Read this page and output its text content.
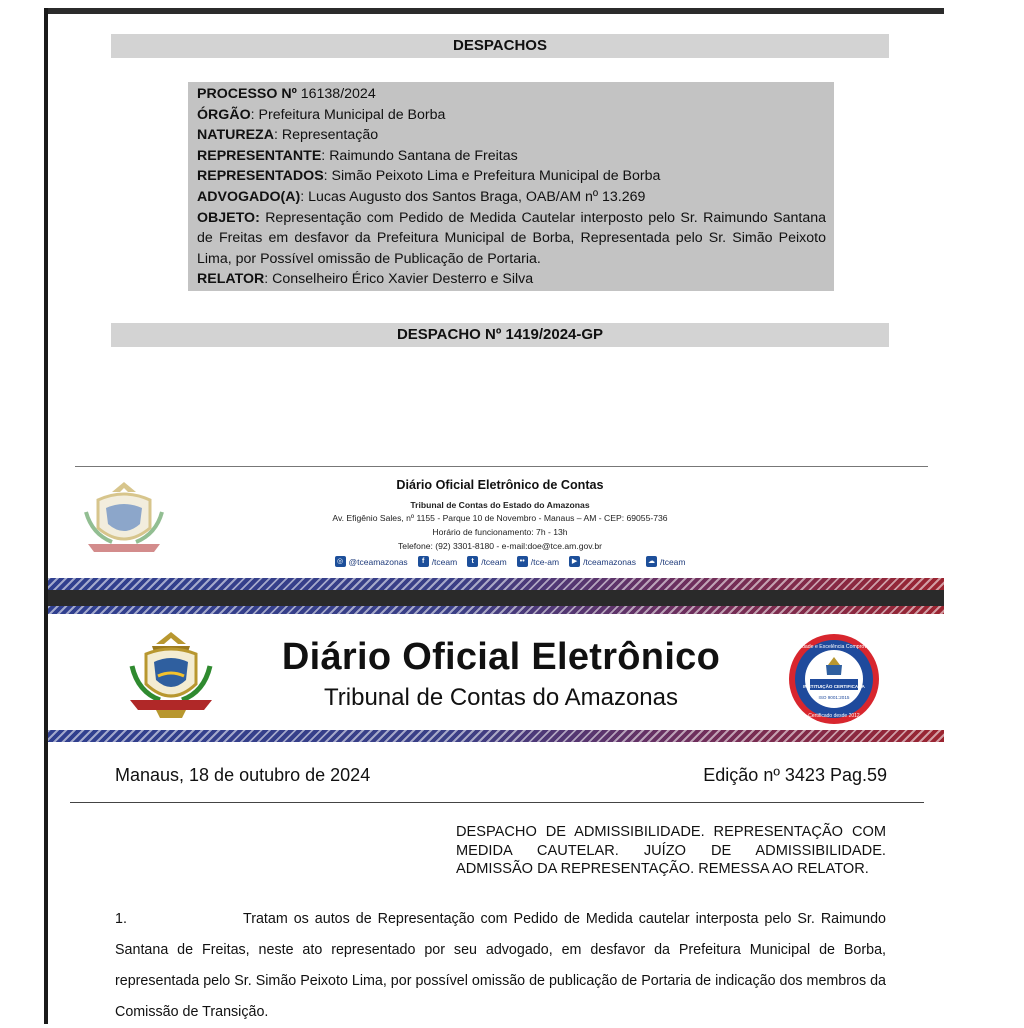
DESPACHOS
PROCESSO Nº 16138/2024
ÓRGÃO: Prefeitura Municipal de Borba
NATUREZA: Representação
REPRESENTANTE: Raimundo Santana de Freitas
REPRESENTADOS: Simão Peixoto Lima e Prefeitura Municipal de Borba
ADVOGADO(A): Lucas Augusto dos Santos Braga, OAB/AM nº 13.269
OBJETO: Representação com Pedido de Medida Cautelar interposto pelo Sr. Raimundo Santana de Freitas em desfavor da Prefeitura Municipal de Borba, Representada pelo Sr. Simão Peixoto Lima, por Possível omissão de Publicação de Portaria.
RELATOR: Conselheiro Érico Xavier Desterro e Silva
DESPACHO Nº 1419/2024-GP
Diário Oficial Eletrônico de Contas
Tribunal de Contas do Estado do Amazonas
Av. Efigênio Sales, nº 1155 - Parque 10 de Novembro - Manaus – AM - CEP: 69055-736
Horário de funcionamento: 7h - 13h
Telefone: (92) 3301-8180 - e-mail:doe@tce.am.gov.br
◎ @tceamazonas	f /tceam	t /tceam	•• /tce-am	▶ /tceamazonas ☁ /tceam
Diário Oficial Eletrônico
Tribunal de Contas do Amazonas
Qualidade e Excelência Comprovadas
INSTITUIÇÃO CERTIFICADA
ISO 9001:2015
Certificado desde 2012
Manaus, 18 de outubro de 2024	Edição nº 3423 Pag.59
DESPACHO DE ADMISSIBILIDADE. REPRESENTAÇÃO COM
MEDIDA CAUTELAR. JUÍZO DE ADMISSIBILIDADE.
ADMISSÃO DA REPRESENTAÇÃO. REMESSA AO RELATOR.
1.	Tratam os autos de Representação com Pedido de Medida cautelar interposta pelo Sr. Raimundo Santana de Freitas, neste ato representado por seu advogado, em desfavor da Prefeitura Municipal de Borba, representada pelo Sr. Simão Peixoto Lima, por possível omissão de publicação de Portaria de indicação dos membros da Comissão de Transição.
